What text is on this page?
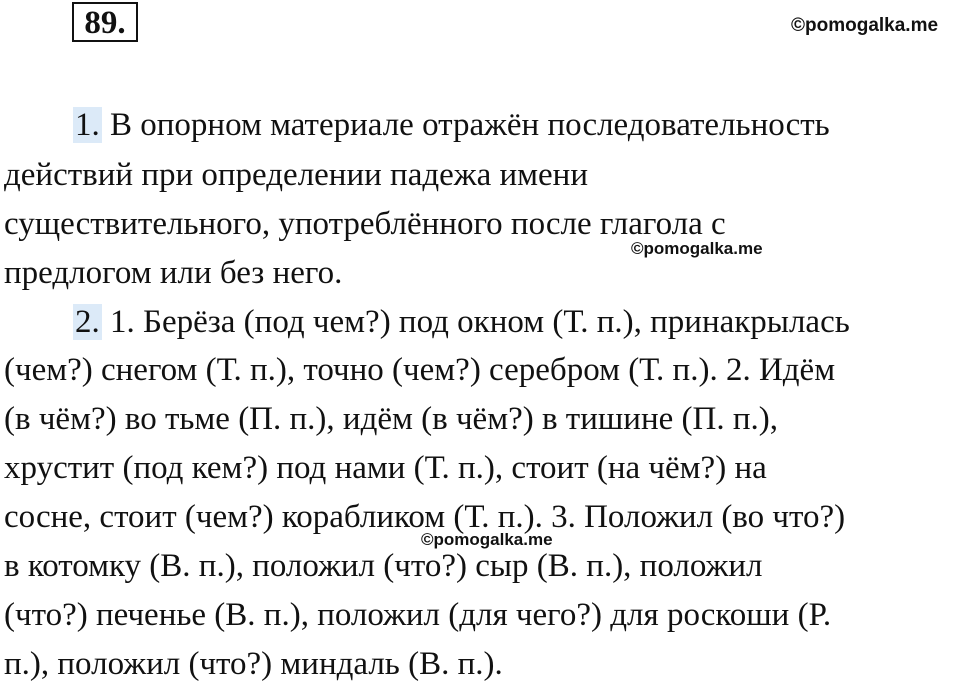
89.	©pomogalka.me
1. В опорном материале отражён последовательность
действий при определении падежа имени
существительного, употреблённого после глагола с
предлогом или без него.
©pomogalka.me
2. 1. Берёза (под чем?) под окном (Т. п.), принакрылась
(чем?) снегом (Т. п.), точно (чем?) серебром (Т. п.). 2. Идём
(в чём?) во тьме (П. п.), идём (в чём?) в тишине (П. п.),
хрустит (под кем?) под нами (Т. п.), стоит (на чём?) на
сосне, стоит (чем?) корабликом (Т. п.). 3. Положил (во что?)
©pomogalka.me
в котомку (В. п.), положил (что?) сыр (В. п.), положил
(что?) печенье (В. п.), положил (для чего?) для роскоши (Р.
п.), положил (что?) миндаль (В. п.).
